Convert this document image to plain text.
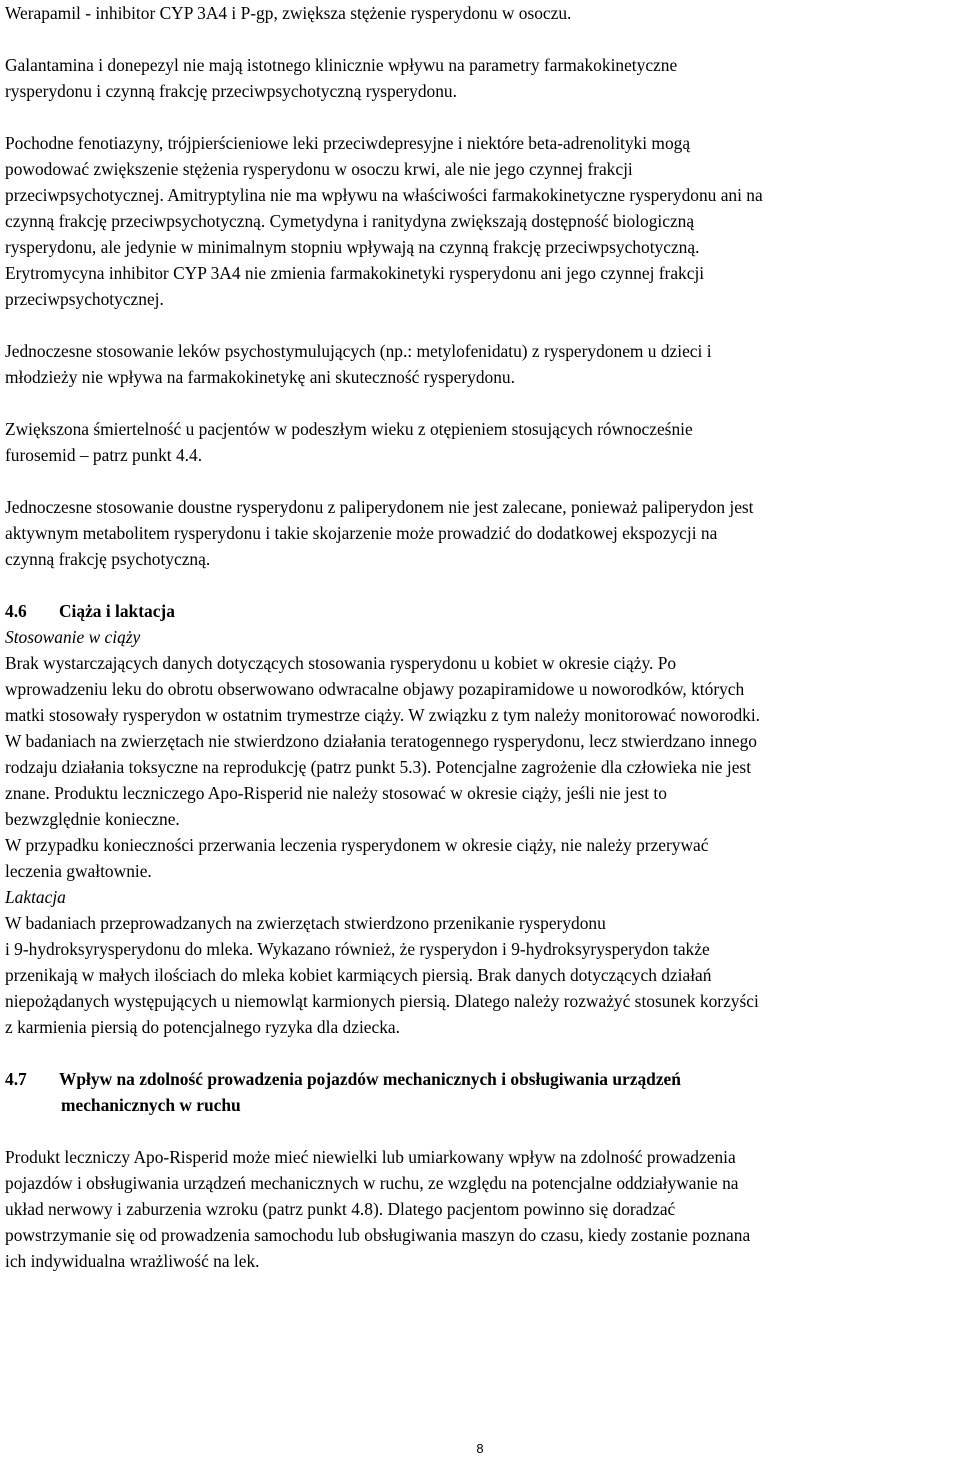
Werapamil - inhibitor CYP 3A4 i P-gp, zwiększa stężenie rysperydonu w osoczu.

Galantamina i donepezyl nie mają istotnego klinicznie wpływu na parametry farmakokinetyczne
rysperydonu i czynną frakcję przeciwpsychotyczną rysperydonu.

Pochodne fenotiazyny, trójpierścieniowe leki przeciwdepresyjne i niektóre beta-adrenolityki mogą
powodować zwiększenie stężenia rysperydonu w osoczu krwi, ale nie jego czynnej frakcji
przeciwpsychotycznej. Amitryptylina nie ma wpływu na właściwości farmakokinetyczne rysperydonu ani na
czynną frakcję przeciwpsychotyczną. Cymetydyna i ranitydyna zwiększają dostępność biologiczną
rysperydonu, ale jedynie w minimalnym stopniu wpływają na czynną frakcję przeciwpsychotyczną.
Erytromycyna inhibitor CYP 3A4 nie zmienia farmakokinetyki rysperydonu ani jego czynnej frakcji
przeciwpsychotycznej.

Jednoczesne stosowanie leków psychostymulujących (np.: metylofenidatu) z rysperydonem u dzieci i
młodzieży nie wpływa na farmakokinetykę ani skuteczność rysperydonu.

Zwiększona śmiertelność u pacjentów w podeszłym wieku z otępieniem stosujących równocześnie
furosemid – patrz punkt 4.4.

Jednoczesne stosowanie doustne rysperydonu z paliperydonem nie jest zalecane, ponieważ paliperydon jest
aktywnym metabolitem rysperydonu i takie skojarzenie może prowadzić do dodatkowej ekspozycji na
czynną frakcję psychotyczną.

4.6 Ciąża i laktacja
Stosowanie w ciąży

Brak wystarczających danych dotyczących stosowania rysperydonu u kobiet w okresie ciąży. Po
wprowadzeniu leku do obrotu obserwowano odwracalne objawy pozapiramidowe u noworodków, których
matki stosowały rysperydon w ostatnim trymestrze ciąży. W związku z tym należy monitorować noworodki.
W badaniach na zwierzętach nie stwierdzono działania teratogennego rysperydonu, lecz stwierdzano innego
rodzaju działania toksyczne na reprodukcję (patrz punkt 5.3). Potencjalne zagrożenie dla człowieka nie jest
znane. Produktu leczniczego Apo-Risperid nie należy stosować w okresie ciąży, jeśli nie jest to
bezwzględnie konieczne.
W przypadku konieczności przerwania leczenia rysperydonem w okresie ciąży, nie należy przerywać
leczenia gwałtownie.

Laktacja

W badaniach przeprowadzanych na zwierzętach stwierdzono przenikanie rysperydonu
i 9-hydroksyrysperydonu do mleka. Wykazano również, że rysperydon i 9-hydroksyrysperydon także
przenikają w małych ilościach do mleka kobiet karmiących piersią. Brak danych dotyczących działań
niepożądanych występujących u niemowląt karmionych piersią. Dlatego należy rozważyć stosunek korzyści
z karmienia piersią do potencjalnego ryzyka dla dziecka.

4.7 Wpływ na zdolność prowadzenia pojazdów mechanicznych i obsługiwania urządzeń
mechanicznych w ruchu

Produkt leczniczy Apo-Risperid może mieć niewielki lub umiarkowany wpływ na zdolność prowadzenia
pojazdów i obsługiwania urządzeń mechanicznych w ruchu, ze względu na potencjalne oddziaływanie na
układ nerwowy i zaburzenia wzroku (patrz punkt 4.8). Dlatego pacjentom powinno się doradzać
powstrzymanie się od prowadzenia samochodu lub obsługiwania maszyn do czasu, kiedy zostanie poznana
ich indywidualna wrażliwość na lek.

8
